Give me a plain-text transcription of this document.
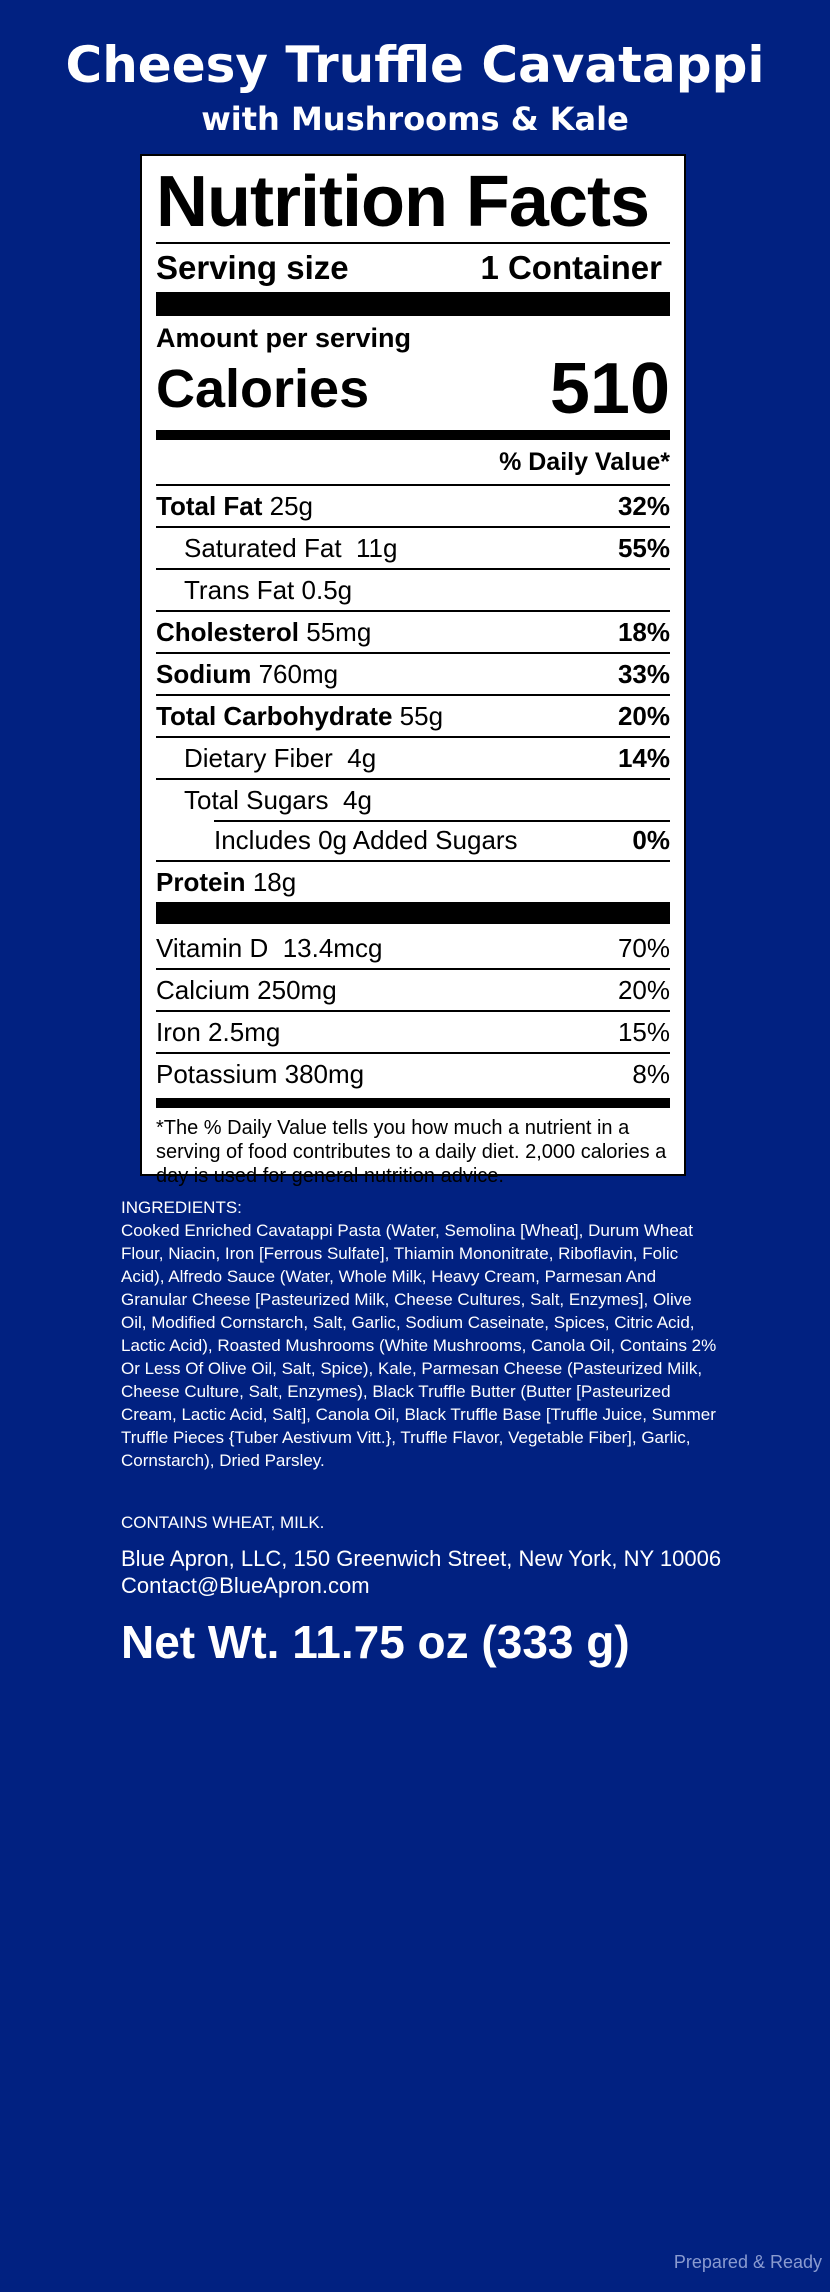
Cheesy Truffle Cavatappi
with Mushrooms & Kale
Nutrition Facts
Serving size	1 Container
Amount per serving
Calories	510
% Daily Value*
Total Fat 25g	32%
Saturated Fat 11g	55%
Trans Fat 0.5g
Cholesterol 55mg	18%
Sodium 760mg	33%
Total Carbohydrate 55g	20%
Dietary Fiber 4g	14%
Total Sugars 4g
Includes 0g Added Sugars	0%
Protein 18g
Vitamin D 13.4mcg	70%
Calcium 250mg	20%
Iron 2.5mg	15%
Potassium 380mg	8%
*The % Daily Value tells you how much a nutrient in a serving of food contributes to a daily diet. 2,000 calories a day is used for general nutrition advice.
INGREDIENTS:
Cooked Enriched Cavatappi Pasta (Water, Semolina [Wheat], Durum Wheat Flour, Niacin, Iron [Ferrous Sulfate], Thiamin Mononitrate, Riboflavin, Folic Acid), Alfredo Sauce (Water, Whole Milk, Heavy Cream, Parmesan And Granular Cheese [Pasteurized Milk, Cheese Cultures, Salt, Enzymes], Olive Oil, Modified Cornstarch, Salt, Garlic, Sodium Caseinate, Spices, Citric Acid, Lactic Acid), Roasted Mushrooms (White Mushrooms, Canola Oil, Contains 2% Or Less Of Olive Oil, Salt, Spice), Kale, Parmesan Cheese (Pasteurized Milk, Cheese Culture, Salt, Enzymes), Black Truffle Butter (Butter [Pasteurized Cream, Lactic Acid, Salt], Canola Oil, Black Truffle Base [Truffle Juice, Summer Truffle Pieces {Tuber Aestivum Vitt.}, Truffle Flavor, Vegetable Fiber], Garlic, Cornstarch), Dried Parsley.
CONTAINS WHEAT, MILK.
Blue Apron, LLC, 150 Greenwich Street, New York, NY 10006
Contact@BlueApron.com
Net Wt. 11.75 oz (333 g)
Prepared & Ready
